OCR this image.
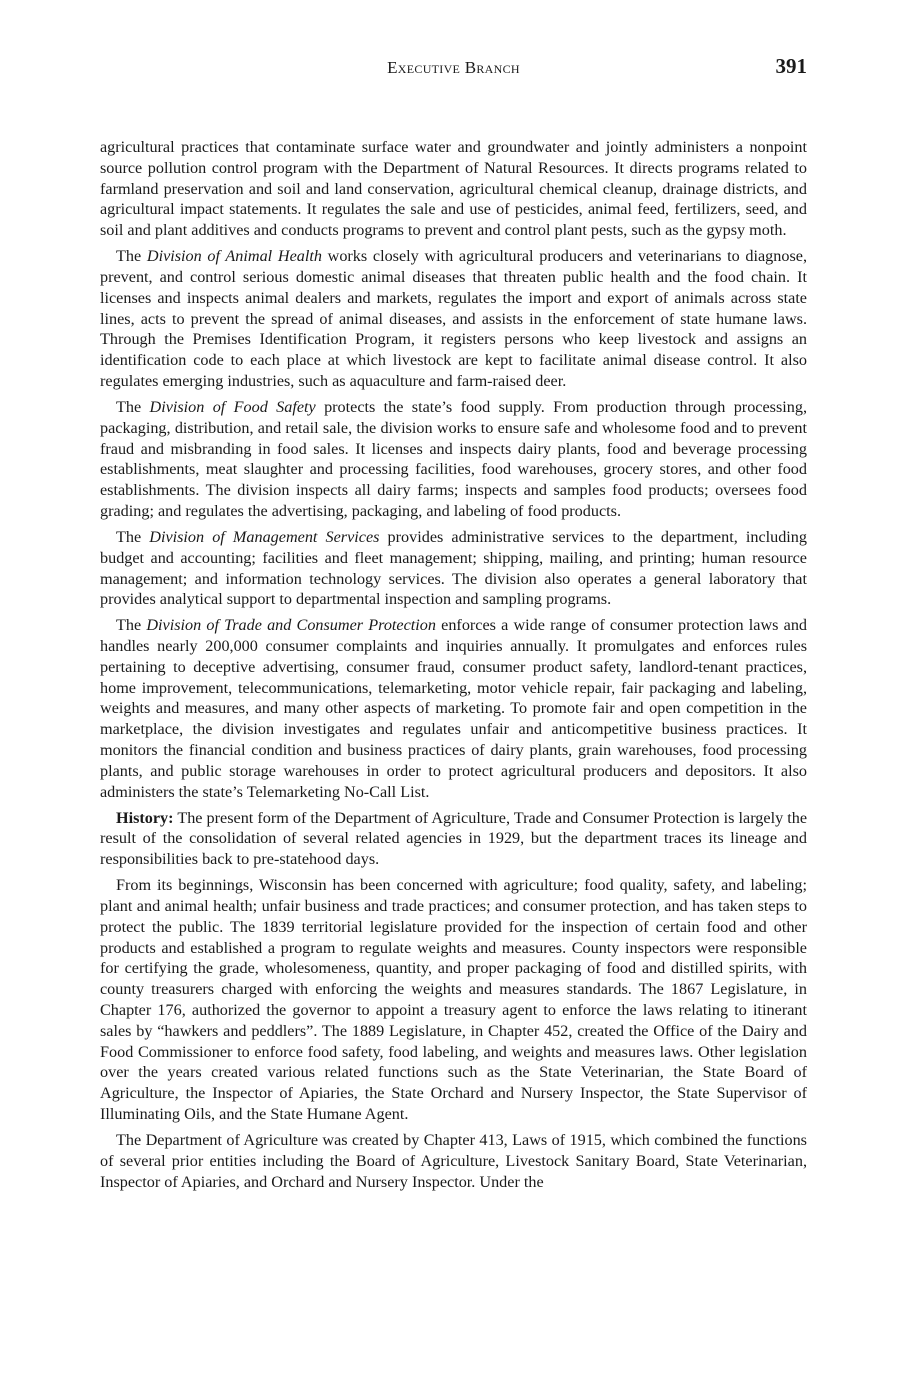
Executive Branch	391

agricultural practices that contaminate surface water and groundwater and jointly administers a nonpoint source pollution control program with the Department of Natural Resources. It directs programs related to farmland preservation and soil and land conservation, agricultural chemical cleanup, drainage districts, and agricultural impact statements. It regulates the sale and use of pesticides, animal feed, fertilizers, seed, and soil and plant additives and conducts programs to prevent and control plant pests, such as the gypsy moth.

The Division of Animal Health works closely with agricultural producers and veterinarians to diagnose, prevent, and control serious domestic animal diseases that threaten public health and the food chain. It licenses and inspects animal dealers and markets, regulates the import and export of animals across state lines, acts to prevent the spread of animal diseases, and assists in the enforcement of state humane laws. Through the Premises Identification Program, it registers persons who keep livestock and assigns an identification code to each place at which livestock are kept to facilitate animal disease control. It also regulates emerging industries, such as aquaculture and farm-raised deer.

The Division of Food Safety protects the state’s food supply. From production through processing, packaging, distribution, and retail sale, the division works to ensure safe and wholesome food and to prevent fraud and misbranding in food sales. It licenses and inspects dairy plants, food and beverage processing establishments, meat slaughter and processing facilities, food warehouses, grocery stores, and other food establishments. The division inspects all dairy farms; inspects and samples food products; oversees food grading; and regulates the advertising, packaging, and labeling of food products.

The Division of Management Services provides administrative services to the department, including budget and accounting; facilities and fleet management; shipping, mailing, and printing; human resource management; and information technology services. The division also operates a general laboratory that provides analytical support to departmental inspection and sampling programs.

The Division of Trade and Consumer Protection enforces a wide range of consumer protection laws and handles nearly 200,000 consumer complaints and inquiries annually. It promulgates and enforces rules pertaining to deceptive advertising, consumer fraud, consumer product safety, landlord-tenant practices, home improvement, telecommunications, telemarketing, motor vehicle repair, fair packaging and labeling, weights and measures, and many other aspects of marketing. To promote fair and open competition in the marketplace, the division investigates and regulates unfair and anticompetitive business practices. It monitors the financial condition and business practices of dairy plants, grain warehouses, food processing plants, and public storage warehouses in order to protect agricultural producers and depositors. It also administers the state’s Telemarketing No-Call List.

History: The present form of the Department of Agriculture, Trade and Consumer Protection is largely the result of the consolidation of several related agencies in 1929, but the department traces its lineage and responsibilities back to pre-statehood days.

From its beginnings, Wisconsin has been concerned with agriculture; food quality, safety, and labeling; plant and animal health; unfair business and trade practices; and consumer protection, and has taken steps to protect the public. The 1839 territorial legislature provided for the inspection of certain food and other products and established a program to regulate weights and measures. County inspectors were responsible for certifying the grade, wholesomeness, quantity, and proper packaging of food and distilled spirits, with county treasurers charged with enforcing the weights and measures standards. The 1867 Legislature, in Chapter 176, authorized the governor to appoint a treasury agent to enforce the laws relating to itinerant sales by “hawkers and peddlers”. The 1889 Legislature, in Chapter 452, created the Office of the Dairy and Food Commissioner to enforce food safety, food labeling, and weights and measures laws. Other legislation over the years created various related functions such as the State Veterinarian, the State Board of Agriculture, the Inspector of Apiaries, the State Orchard and Nursery Inspector, the State Supervisor of Illuminating Oils, and the State Humane Agent.

The Department of Agriculture was created by Chapter 413, Laws of 1915, which combined the functions of several prior entities including the Board of Agriculture, Livestock Sanitary Board, State Veterinarian, Inspector of Apiaries, and Orchard and Nursery Inspector. Under the
